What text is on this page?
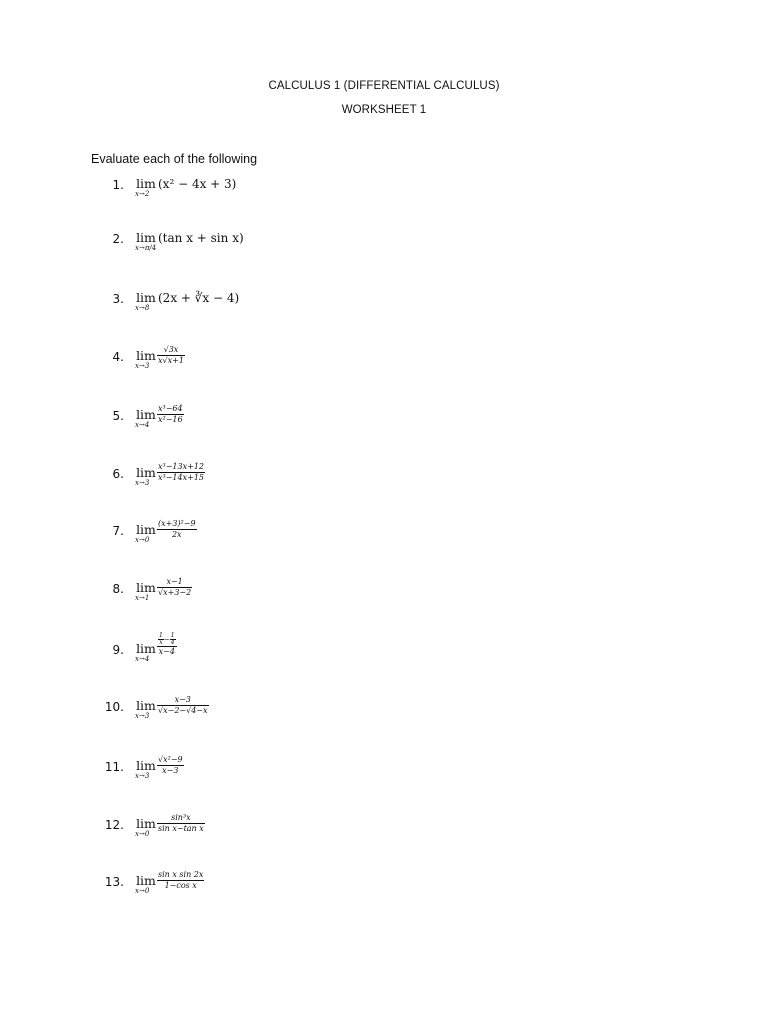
CALCULUS 1 (DIFFERENTIAL CALCULUS)
WORKSHEET 1
Evaluate each of the following
1. lim
x→2
(x² − 4x + 3)
2. lim
x→π/4
(tan x + sin x)
3. lim
x→8
(2x + ∛x − 4)
4. lim
x→3
√3x
x√x+1
5. lim
x→4
x³−64
x²−16
6. lim
x→3
x³−13x+12
x³−14x+15
7. lim
x→0
(x+3)²−9
2x
8. lim
x→1
x−1
√x+3−2
9. lim
x→4
$\frac{1}{x} - \frac{1}{4}$
x−4
10. lim
x→3
x−3
√x−2−√4−x
11. lim
x→3
√x²−9
x−3
12. lim
x→0
sin³x
sin x−tan x
13. lim
x→0
sin x sin 2x
1−cos x
